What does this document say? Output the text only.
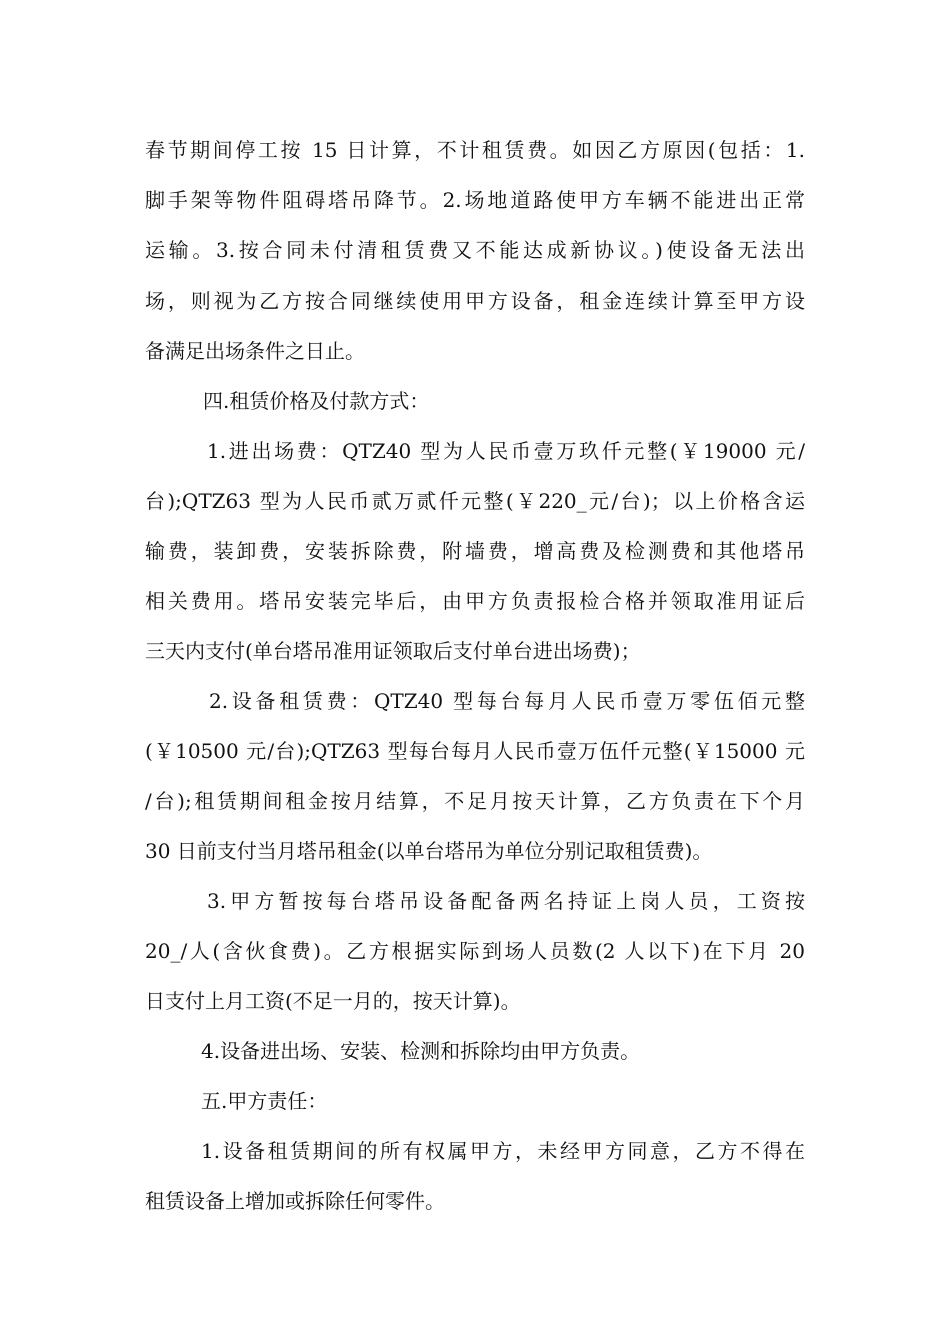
春节期间停工按 15 日计算，不计租赁费。如因乙方原因(包括：1.
脚手架等物件阻碍塔吊降节。2.场地道路使甲方车辆不能进出正常
运输。3.按合同未付清租赁费又不能达成新协议。)使设备无法出
场，则视为乙方按合同继续使用甲方设备，租金连续计算至甲方设
备满足出场条件之日止。
四.租赁价格及付款方式：
1.进出场费：QTZ40 型为人民币壹万玖仟元整(￥19000 元/
台);QTZ63 型为人民币贰万贰仟元整(￥220_元/台)；以上价格含运
输费，装卸费，安装拆除费，附墙费，增高费及检测费和其他塔吊
相关费用。塔吊安装完毕后，由甲方负责报检合格并领取准用证后
三天内支付(单台塔吊准用证领取后支付单台进出场费)；
2.设备租赁费：QTZ40 型每台每月人民币壹万零伍佰元整
(￥10500 元/台);QTZ63 型每台每月人民币壹万伍仟元整(￥15000 元
/台);租赁期间租金按月结算，不足月按天计算，乙方负责在下个月
30 日前支付当月塔吊租金(以单台塔吊为单位分别记取租赁费)。
3.甲方暂按每台塔吊设备配备两名持证上岗人员，工资按
20_/人(含伙食费)。乙方根据实际到场人员数(2 人以下)在下月 20
日支付上月工资(不足一月的，按天计算)。
4.设备进出场、安装、检测和拆除均由甲方负责。
五.甲方责任：
1.设备租赁期间的所有权属甲方，未经甲方同意，乙方不得在
租赁设备上增加或拆除任何零件。
